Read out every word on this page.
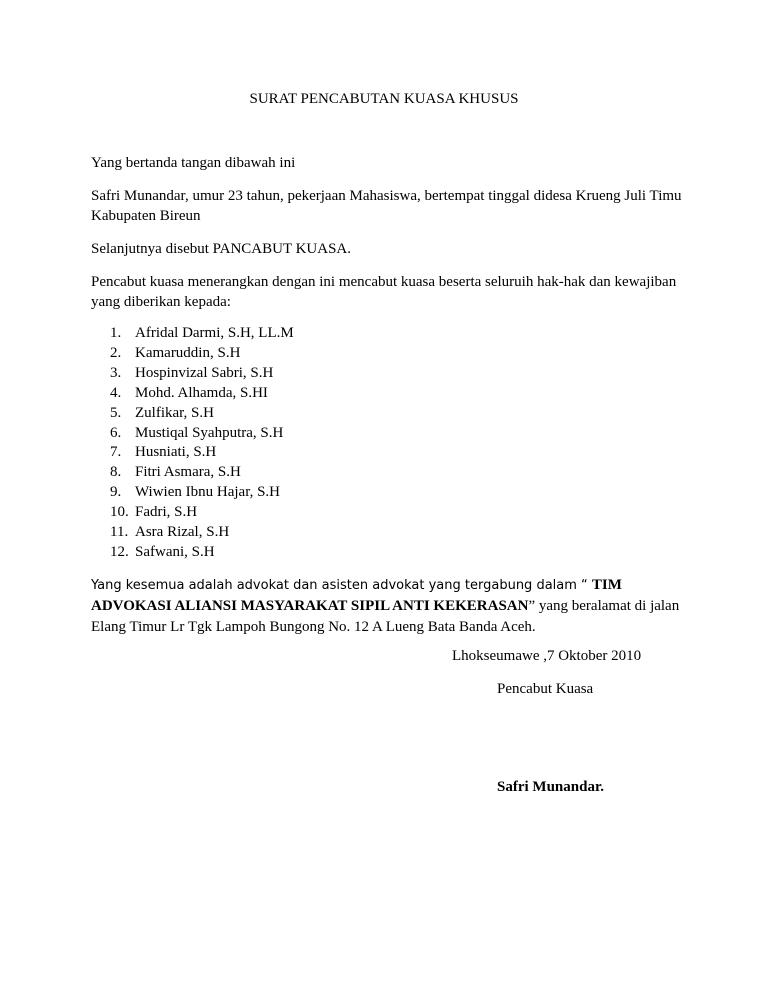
SURAT PENCABUTAN KUASA KHUSUS

Yang bertanda tangan dibawah ini

Safri Munandar, umur 23 tahun, pekerjaan Mahasiswa, bertempat tinggal didesa Krueng Juli Timu Kabupaten Bireun

Selanjutnya disebut PANCABUT KUASA.

Pencabut kuasa menerangkan dengan ini mencabut kuasa beserta seluruih hak-hak dan kewajiban yang diberikan kepada:

1. Afridal Darmi, S.H, LL.M
2. Kamaruddin, S.H
3. Hospinvizal Sabri, S.H
4. Mohd. Alhamda, S.HI
5. Zulfikar, S.H
6. Mustiqal Syahputra, S.H
7. Husniati, S.H
8. Fitri Asmara, S.H
9. Wiwien Ibnu Hajar, S.H
10. Fadri, S.H
11. Asra Rizal, S.H
12. Safwani, S.H

Yang kesemua adalah advokat dan asisten advokat yang tergabung dalam “ TIM ADVOKASI ALIANSI MASYARAKAT SIPIL ANTI KEKERASAN” yang beralamat di jalan Elang Timur Lr Tgk Lampoh Bungong No. 12 A Lueng Bata Banda Aceh.

Lhokseumawe ,7 Oktober 2010
Pencabut Kuasa
Safri Munandar.
